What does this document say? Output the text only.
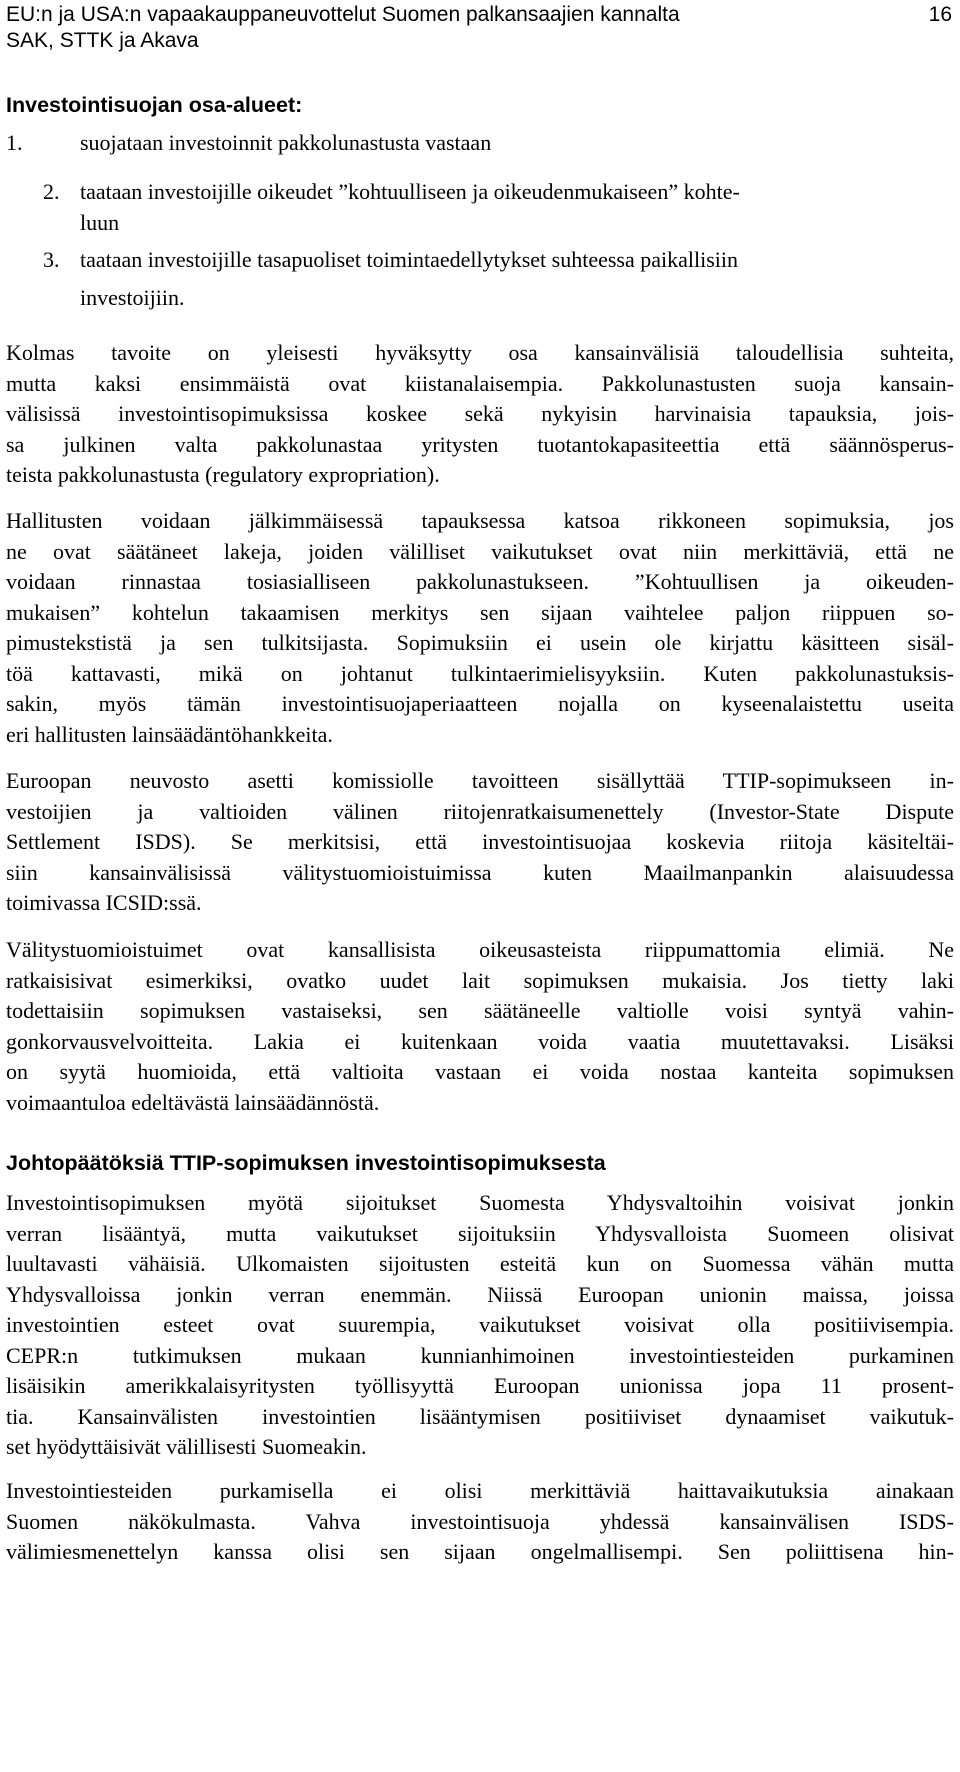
EU:n ja USA:n vapaakauppaneuvottelut Suomen palkansaajien kannalta
SAK, STTK ja Akava
16
Investointisuojan osa-alueet:
1.	suojataan investoinnit pakkolunastusta vastaan
2. taataan investoijille oikeudet ”kohtuulliseen ja oikeudenmukaiseen” kohte-
luun
3. taataan investoijille tasapuoliset toimintaedellytykset suhteessa paikallisiin
investoijiin.
Kolmas tavoite on yleisesti hyväksytty osa kansainvälisiä taloudellisia suhteita,
mutta kaksi ensimmäistä ovat kiistanalaisempia. Pakkolunastusten suoja kansain-
välisissä investointisopimuksissa koskee sekä nykyisin harvinaisia tapauksia, jois-
sa julkinen valta pakkolunastaa yritysten tuotantokapasiteettia että säännösperus-
teista pakkolunastusta (regulatory expropriation).
Hallitusten voidaan jälkimmäisessä tapauksessa katsoa rikkoneen sopimuksia, jos
ne ovat säätäneet lakeja, joiden välilliset vaikutukset ovat niin merkittäviä, että ne
voidaan rinnastaa tosiasialliseen pakkolunastukseen. ”Kohtuullisen ja oikeuden-
mukaisen” kohtelun takaamisen merkitys sen sijaan vaihtelee paljon riippuen so-
pimustekstistä ja sen tulkitsijasta. Sopimuksiin ei usein ole kirjattu käsitteen sisäl-
töä kattavasti, mikä on johtanut tulkintaerimielisyyksiin. Kuten pakkolunastuksis-
sakin, myös tämän investointisuojaperiaatteen nojalla on kyseenalaistettu useita
eri hallitusten lainsäädäntöhankkeita.
Euroopan neuvosto asetti komissiolle tavoitteen sisällyttää TTIP-sopimukseen in-
vestoijien ja valtioiden välinen riitojenratkaisumenettely (Investor-State Dispute
Settlement ISDS). Se merkitsisi, että investointisuojaa koskevia riitoja käsiteltäi-
siin kansainvälisissä välitystuomioistuimissa kuten Maailmanpankin alaisuudessa
toimivassa ICSID:ssä.
Välitystuomioistuimet ovat kansallisista oikeusasteista riippumattomia elimiä. Ne
ratkaisisivat esimerkiksi, ovatko uudet lait sopimuksen mukaisia. Jos tietty laki
todettaisiin sopimuksen vastaiseksi, sen säätäneelle valtiolle voisi syntyä vahin-
gonkorvausvelvoitteita. Lakia ei kuitenkaan voida vaatia muutettavaksi. Lisäksi
on syytä huomioida, että valtioita vastaan ei voida nostaa kanteita sopimuksen
voimaantuloa edeltävästä lainsäädännöstä.
Johtopäätöksiä TTIP-sopimuksen investointisopimuksesta
Investointisopimuksen myötä sijoitukset Suomesta Yhdysvaltoihin voisivat jonkin
verran lisääntyä, mutta vaikutukset sijoituksiin Yhdysvalloista Suomeen olisivat
luultavasti vähäisiä. Ulkomaisten sijoitusten esteitä kun on Suomessa vähän mutta
Yhdysvalloissa jonkin verran enemmän. Niissä Euroopan unionin maissa, joissa
investointien esteet ovat suurempia, vaikutukset voisivat olla positiivisempia.
CEPR:n tutkimuksen mukaan kunnianhimoinen investointiesteiden purkaminen
lisäisikin amerikkalaisyritysten työllisyyttä Euroopan unionissa jopa 11 prosent-
tia. Kansainvälisten investointien lisääntymisen positiiviset dynaamiset vaikutuk-
set hyödyttäisivät välillisesti Suomeakin.
Investointiesteiden purkamisella ei olisi merkittäviä haittavaikutuksia ainakaan
Suomen näkökulmasta. Vahva investointisuoja yhdessä kansainvälisen ISDS-
välimiesmenettelyn kanssa olisi sen sijaan ongelmallisempi. Sen poliittisena hin-
